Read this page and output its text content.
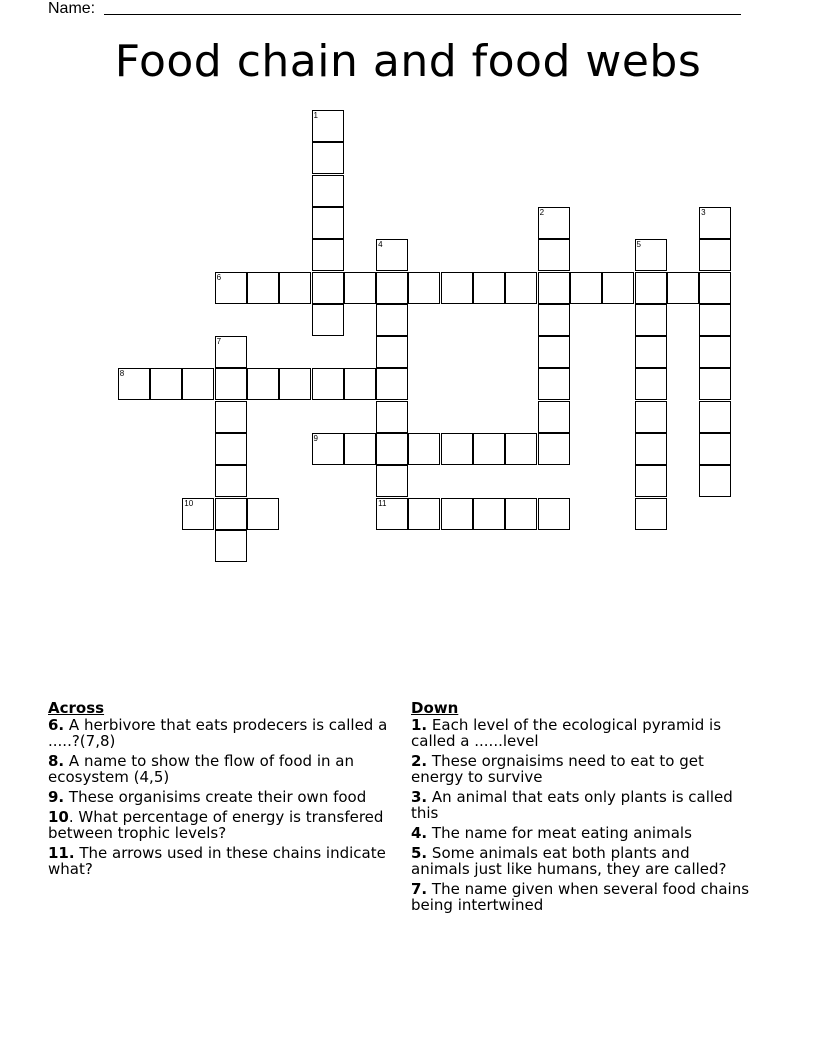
Name:
Food chain and food webs
1
2	3
4
11
5
6
7
8
9
10
Across
6. A herbivore that eats prodecers is called a .....?(7,8)
8. A name to show the flow of food in an ecosystem (4,5)
9. These organisims create their own food
10. What percentage of energy is transfered between trophic levels?
11. The arrows used in these chains indicate what?
Down
1. Each level of the ecological pyramid is called a ......level
2. These orgnaisims need to eat to get energy to survive
3. An animal that eats only plants is called this
4. The name for meat eating animals
5. Some animals eat both plants and animals just like humans, they are called?
7. The name given when several food chains being intertwined
